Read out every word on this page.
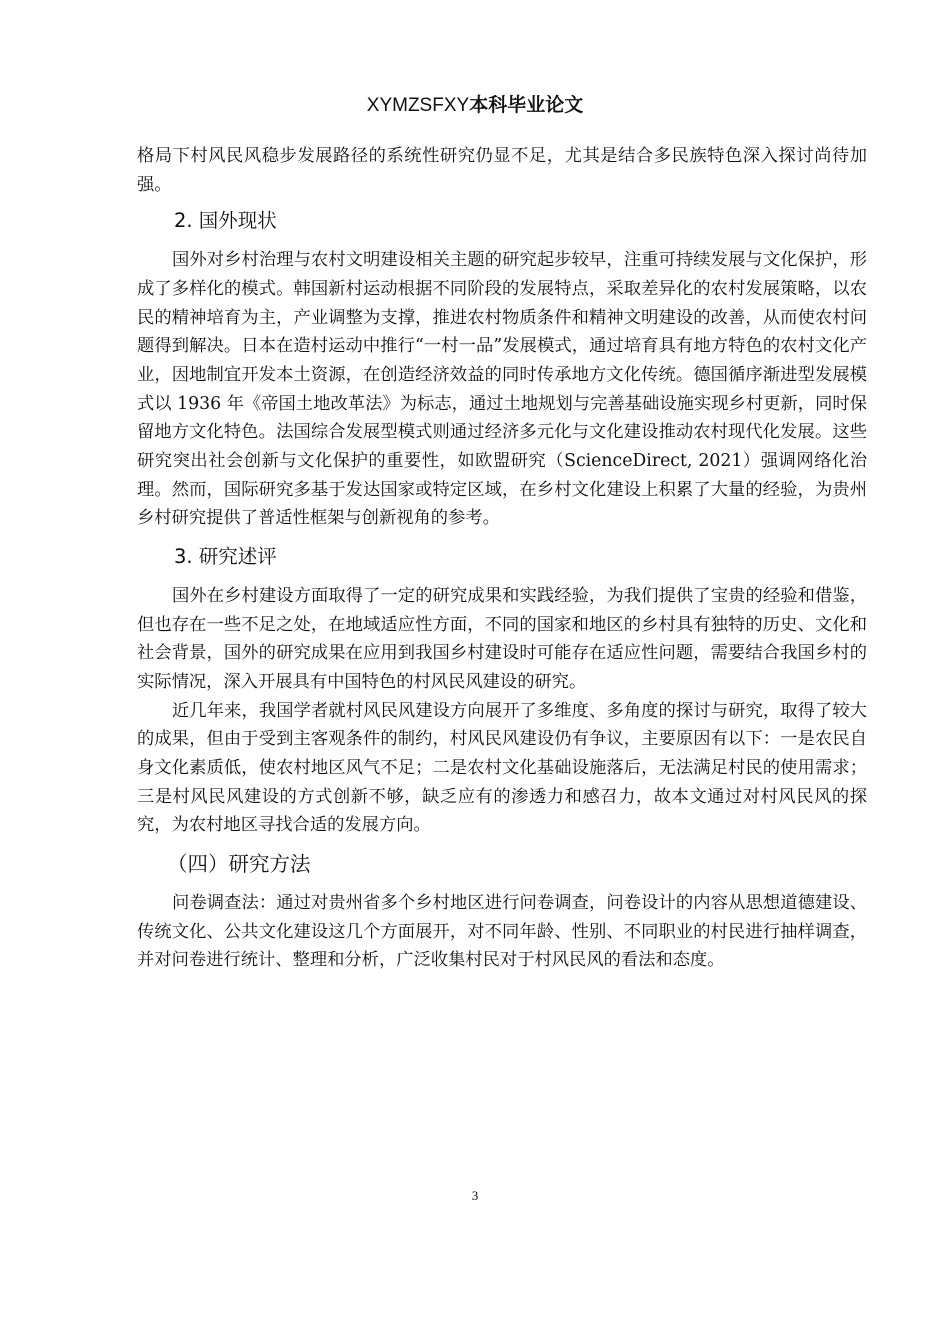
XYMZSFXY本科毕业论文

格局下村风民风稳步发展路径的系统性研究仍显不足，尤其是结合多民族特色深入探讨尚待加强。

2. 国外现状

国外对乡村治理与农村文明建设相关主题的研究起步较早，注重可持续发展与文化保护，形成了多样化的模式。韩国新村运动根据不同阶段的发展特点，采取差异化的农村发展策略，以农民的精神培育为主，产业调整为支撑，推进农村物质条件和精神文明建设的改善，从而使农村问题得到解决。日本在造村运动中推行“一村一品”发展模式，通过培育具有地方特色的农村文化产业，因地制宜开发本土资源，在创造经济效益的同时传承地方文化传统。德国循序渐进型发展模式以 1936 年《帝国土地改革法》为标志，通过土地规划与完善基础设施实现乡村更新，同时保留地方文化特色。法国综合发展型模式则通过经济多元化与文化建设推动农村现代化发展。这些研究突出社会创新与文化保护的重要性，如欧盟研究（ScienceDirect, 2021）强调网络化治理。然而，国际研究多基于发达国家或特定区域，在乡村文化建设上积累了大量的经验，为贵州乡村研究提供了普适性框架与创新视角的参考。

3. 研究述评

国外在乡村建设方面取得了一定的研究成果和实践经验，为我们提供了宝贵的经验和借鉴，但也存在一些不足之处，在地域适应性方面，不同的国家和地区的乡村具有独特的历史、文化和社会背景，国外的研究成果在应用到我国乡村建设时可能存在适应性问题，需要结合我国乡村的实际情况，深入开展具有中国特色的村风民风建设的研究。

近几年来，我国学者就村风民风建设方向展开了多维度、多角度的探讨与研究，取得了较大的成果，但由于受到主客观条件的制约，村风民风建设仍有争议，主要原因有以下：一是农民自身文化素质低，使农村地区风气不足；二是农村文化基础设施落后，无法满足村民的使用需求；三是村风民风建设的方式创新不够，缺乏应有的渗透力和感召力，故本文通过对村风民风的探究，为农村地区寻找合适的发展方向。

（四）研究方法

问卷调查法：通过对贵州省多个乡村地区进行问卷调查，问卷设计的内容从思想道德建设、传统文化、公共文化建设这几个方面展开，对不同年龄、性别、不同职业的村民进行抽样调查，并对问卷进行统计、整理和分析，广泛收集村民对于村风民风的看法和态度。

3
